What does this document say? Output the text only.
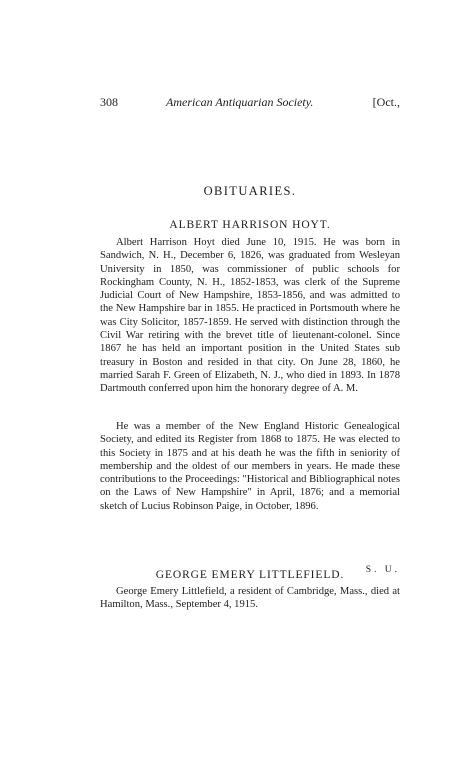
308	American Antiquarian Society.	[Oct.,
OBITUARIES.
ALBERT HARRISON HOYT.

Albert Harrison Hoyt died June 10, 1915. He was born in Sandwich, N. H., December 6, 1826, was graduated from Wesleyan University in 1850, was commissioner of public schools for Rockingham County, N. H., 1852-1853, was clerk of the Supreme Judicial Court of New Hampshire, 1853-1856, and was admitted to the New Hampshire bar in 1855. He practiced in Portsmouth where he was City Solicitor, 1857-1859. He served with distinction through the Civil War retiring with the brevet title of lieutenant-colonel. Since 1867 he has held an important position in the United States sub treasury in Boston and resided in that city. On June 28, 1860, he married Sarah F. Green of Elizabeth, N. J., who died in 1893. In 1878 Dartmouth conferred upon him the honorary degree of A. M.

He was a member of the New England Historic Genealogical Society, and edited its Register from 1868 to 1875. He was elected to this Society in 1875 and at his death he was the fifth in seniority of membership and the oldest of our members in years. He made these contributions to the Proceedings: "Historical and Bibliographical notes on the Laws of New Hampshire" in April, 1876; and a memorial sketch of Lucius Robinson Paige, in October, 1896.

S. U.
GEORGE EMERY LITTLEFIELD.

George Emery Littlefield, a resident of Cambridge, Mass., died at Hamilton, Mass., September 4, 1915.
